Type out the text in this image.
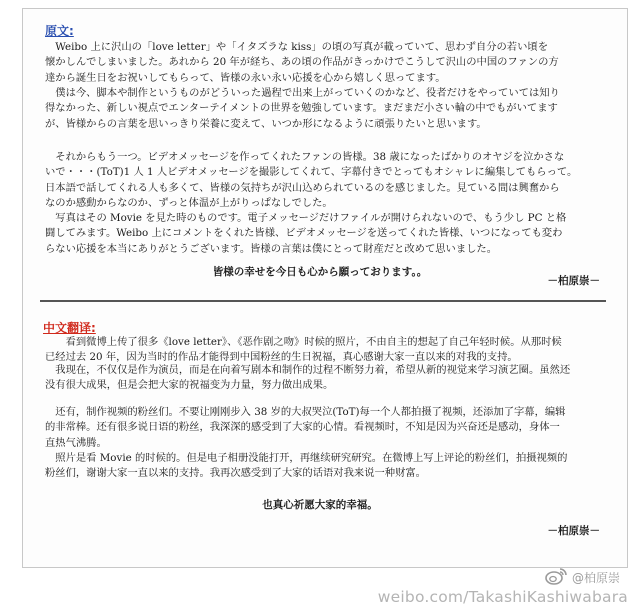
原文:
　Weibo 上に沢山の「love letter」や「イタズラな kiss」の頃の写真が載っていて、思わず自分の若い頃を
懐かしんでしまいました。あれから 20 年が経ち、あの頃の作品がきっかけでこうして沢山の中国のファンの方
達から誕生日をお祝いしてもらって、皆様の永い永い応援を心から嬉しく思ってます。
　僕は今、脚本や制作というものがどういった過程で出来上がっていくのかなど、役者だけをやっていては知り
得なかった、新しい視点でエンターテイメントの世界を勉強しています。まだまだ小さい輪の中でもがいてます
が、皆様からの言葉を思いっきり栄養に変えて、いつか形になるように頑張りたいと思います。
　それからもう一つ。ビデオメッセージを作ってくれたファンの皆様。38 歳になったばかりのオヤジを泣かさな
いで・・・(ToT)1 人 1 人ビデオメッセージを撮影してくれて、字幕付きでとってもオシャレに編集してもらって。
日本語で話してくれる人も多くて、皆様の気持ちが沢山込められているのを感じました。見ている間は興奮から
なのか感動からなのか、ずっと体温が上がりっぱなしでした。
　写真はその Movie を見た時のものです。電子メッセージだけファイルが開けられないので、もう少し PC と格
闘してみます。Weibo 上にコメントをくれた皆様、ビデオメッセージを送ってくれた皆様、いつになっても変わ
らない応援を本当にありがとうございます。皆様の言葉は僕にとって財産だと改めて思いました。

皆様の幸せを今日も心から願っております。。

－柏原崇－

中文翻译:
　　看到微博上传了很多《love letter》、《恶作剧之吻》时候的照片，不由自主的想起了自己年轻时候。从那时候
已经过去 20 年，因为当时的作品才能得到中国粉丝的生日祝福，真心感谢大家一直以来的对我的支持。
　我现在，不仅仅是作为演员，而是在向着写剧本和制作的过程不断努力着，希望从新的视觉来学习演艺圈。虽然还
没有很大成果，但是会把大家的祝福变为力量，努力做出成果。
　还有，制作视频的粉丝们。不要让刚刚步入 38 岁的大叔哭泣(ToT)每一个人都拍摄了视频，还添加了字幕，编辑
的非常棒。还有很多说日语的粉丝，我深深的感受到了大家的心情。看视频时，不知是因为兴奋还是感动，身体一
直热气沸腾。
　照片是看 Movie 的时候的。但是电子相册没能打开，再继续研究研究。在微博上写上评论的粉丝们，拍摄视频的
粉丝们，谢谢大家一直以来的支持。我再次感受到了大家的话语对我来说一种财富。

也真心祈愿大家的幸福。

－柏原崇－

@柏原崇
weibo.com/TakashiKashiwabara
